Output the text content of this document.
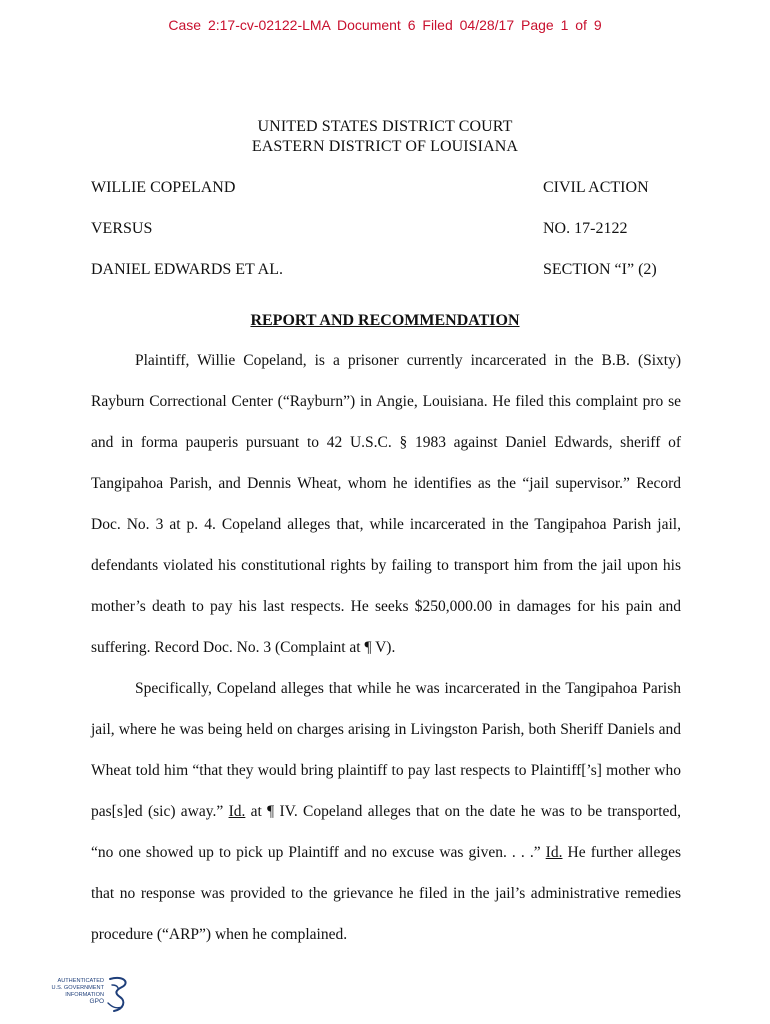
Case 2:17-cv-02122-LMA Document 6 Filed 04/28/17 Page 1 of 9
UNITED STATES DISTRICT COURT
EASTERN DISTRICT OF LOUISIANA
WILLIE COPELAND	CIVIL ACTION
VERSUS	NO. 17-2122
DANIEL EDWARDS ET AL.	SECTION “I” (2)
REPORT AND RECOMMENDATION

Plaintiff, Willie Copeland, is a prisoner currently incarcerated in the B.B. (Sixty) Rayburn Correctional Center (“Rayburn”) in Angie, Louisiana. He filed this complaint pro se and in forma pauperis pursuant to 42 U.S.C. § 1983 against Daniel Edwards, sheriff of Tangipahoa Parish, and Dennis Wheat, whom he identifies as the “jail supervisor.” Record Doc. No. 3 at p. 4. Copeland alleges that, while incarcerated in the Tangipahoa Parish jail, defendants violated his constitutional rights by failing to transport him from the jail upon his mother’s death to pay his last respects. He seeks $250,000.00 in damages for his pain and suffering. Record Doc. No. 3 (Complaint at ¶ V).

Specifically, Copeland alleges that while he was incarcerated in the Tangipahoa Parish jail, where he was being held on charges arising in Livingston Parish, both Sheriff Daniels and Wheat told him “that they would bring plaintiff to pay last respects to Plaintiff[’s] mother who pas[s]ed (sic) away.” Id. at ¶ IV. Copeland alleges that on the date he was to be transported, “no one showed up to pick up Plaintiff and no excuse was given. . . .” Id. He further alleges that no response was provided to the grievance he filed in the jail’s administrative remedies procedure (“ARP”) when he complained.

AUTHENTICATED
U.S. GOVERNMENT
INFORMATION
GPO
